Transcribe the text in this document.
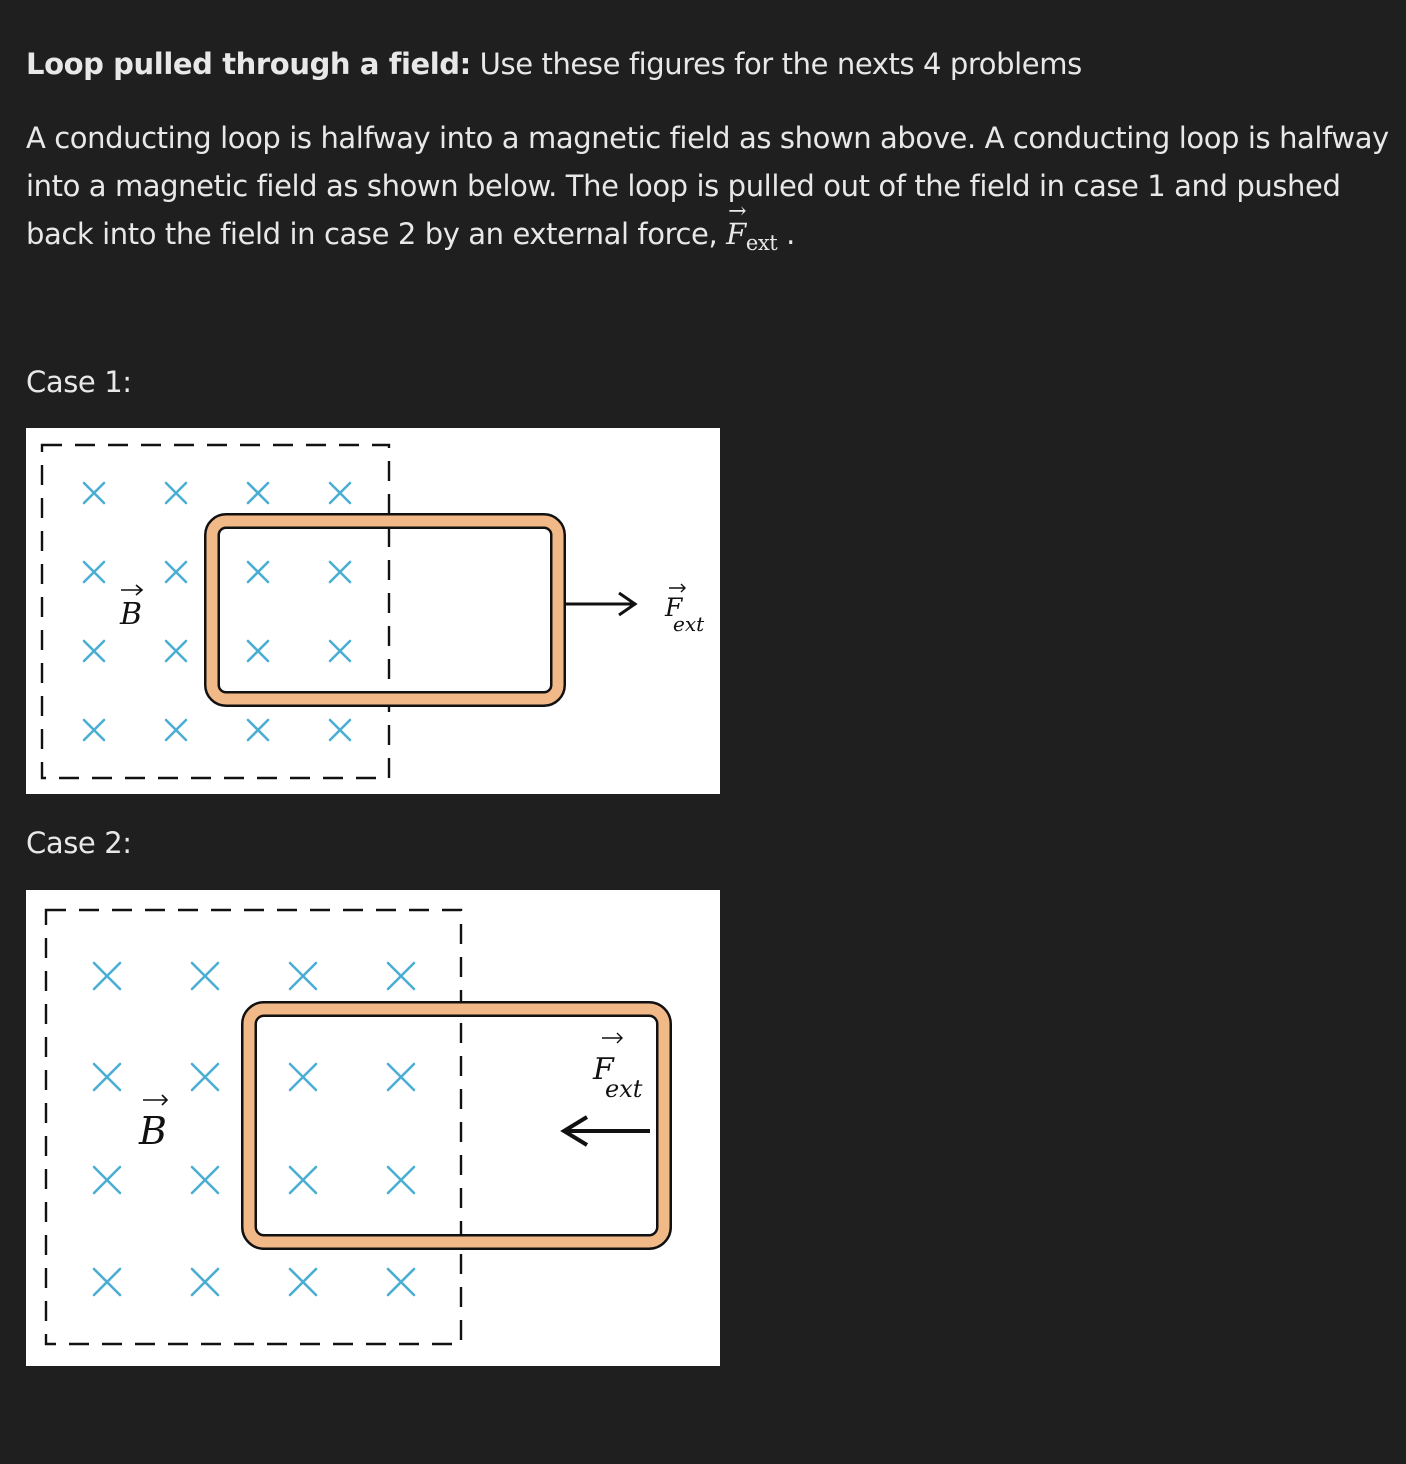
Loop pulled through a field: Use these figures for the nexts 4 problems
A conducting loop is halfway into a magnetic field as shown above. A conducting loop is halfway into a magnetic field as shown below. The loop is pulled out of the field in case 1 and pushed back into the field in case 2 by an external force,
→
$F_{ext}$ .
Case 1:
B	F
ext
Case 2:
B
F
ext
